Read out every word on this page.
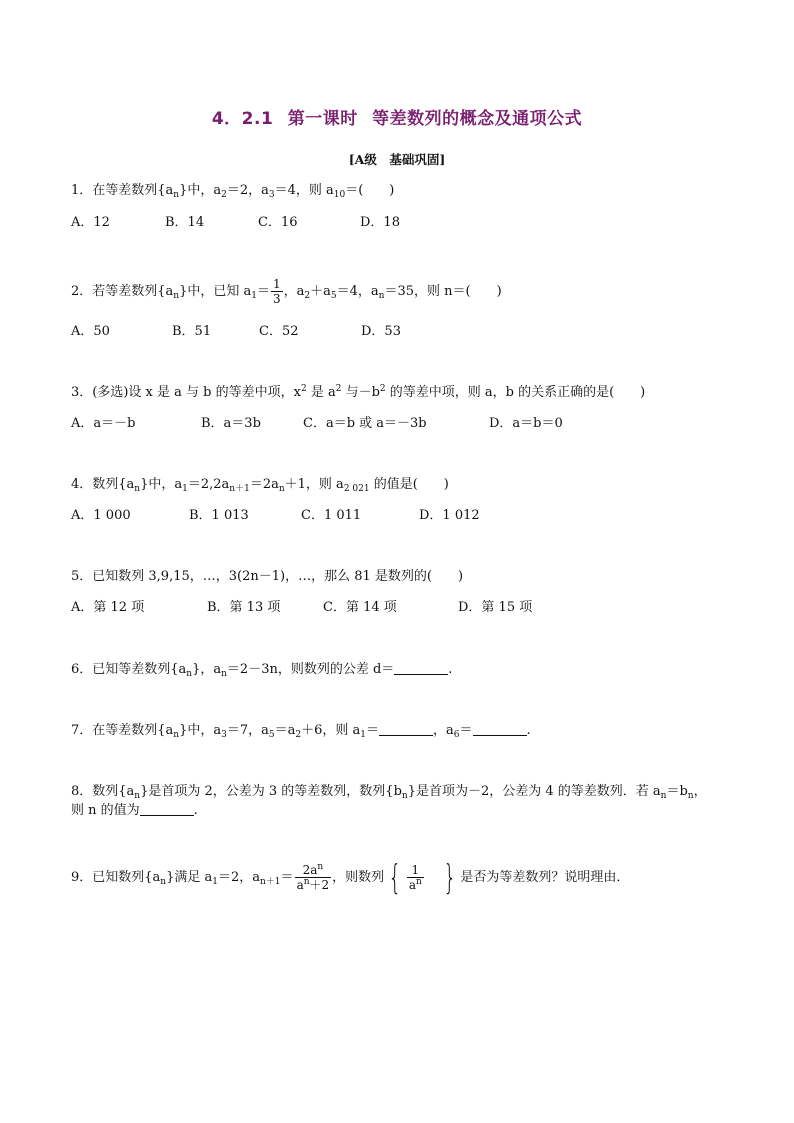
4．2.1 第一课时 等差数列的概念及通项公式
[A级　基础巩固]
1．在等差数列$\{a_n\}$中，$a_2=2$，$a_3=4$，则 $a_{10}=$(　　)
A．12	B．14	C．16	D．18
2．若等差数列$\{a_n\}$中，已知 $a_1= \frac{1}{3}$ ，$a_2+a_5=4$，$a_n=35$，则 n＝(　　)
A．50	B．51	C．52	D．53
3．(多选)设 x 是 a 与 b 的等差中项，$x^2$ 是 $a^2$ 与$-b^2$ 的等差中项，则 a，b 的关系正确的是(　　)
A．a＝－b	B．a＝3b	C．a＝b 或 a＝－3b	D．a＝b＝0
4．数列$\{a_n\}$中，$a_1=2,2a_{n+1}=2a_n+1$，则 $a_{2 021}$ 的值是(　　)
A．1 000	B．1 013	C．1 011	D．1 012
5．已知数列 3,9,15，…，3(2n－1)，…，那么 81 是数列的(　　)
A．第 12 项	B．第 13 项	C．第 14 项	D．第 15 项
6．已知等差数列$\{a_n\}$，$a_n=2-3n$，则数列的公差 d＝	.
7．在等差数列$\{a_n\}$中，$a_3=7$，$a_5=a_2+6$，则 $a_1=$	，$a_6=$	.
8．数列$\{a_n\}$是首项为 2，公差为 3 的等差数列，数列$\{b_n\}$是首项为－2，公差为 4 的等差数列．若 $a_n=b_n$，
则 n 的值为	.
9．已知数列$\{a_n\}$满足 $a_1=2$，$a_{n+1}= \frac{2a^n}{a^n+2}$ ，则数列 { $\frac{1}{a^n}$ } 是否为等差数列？说明理由．
